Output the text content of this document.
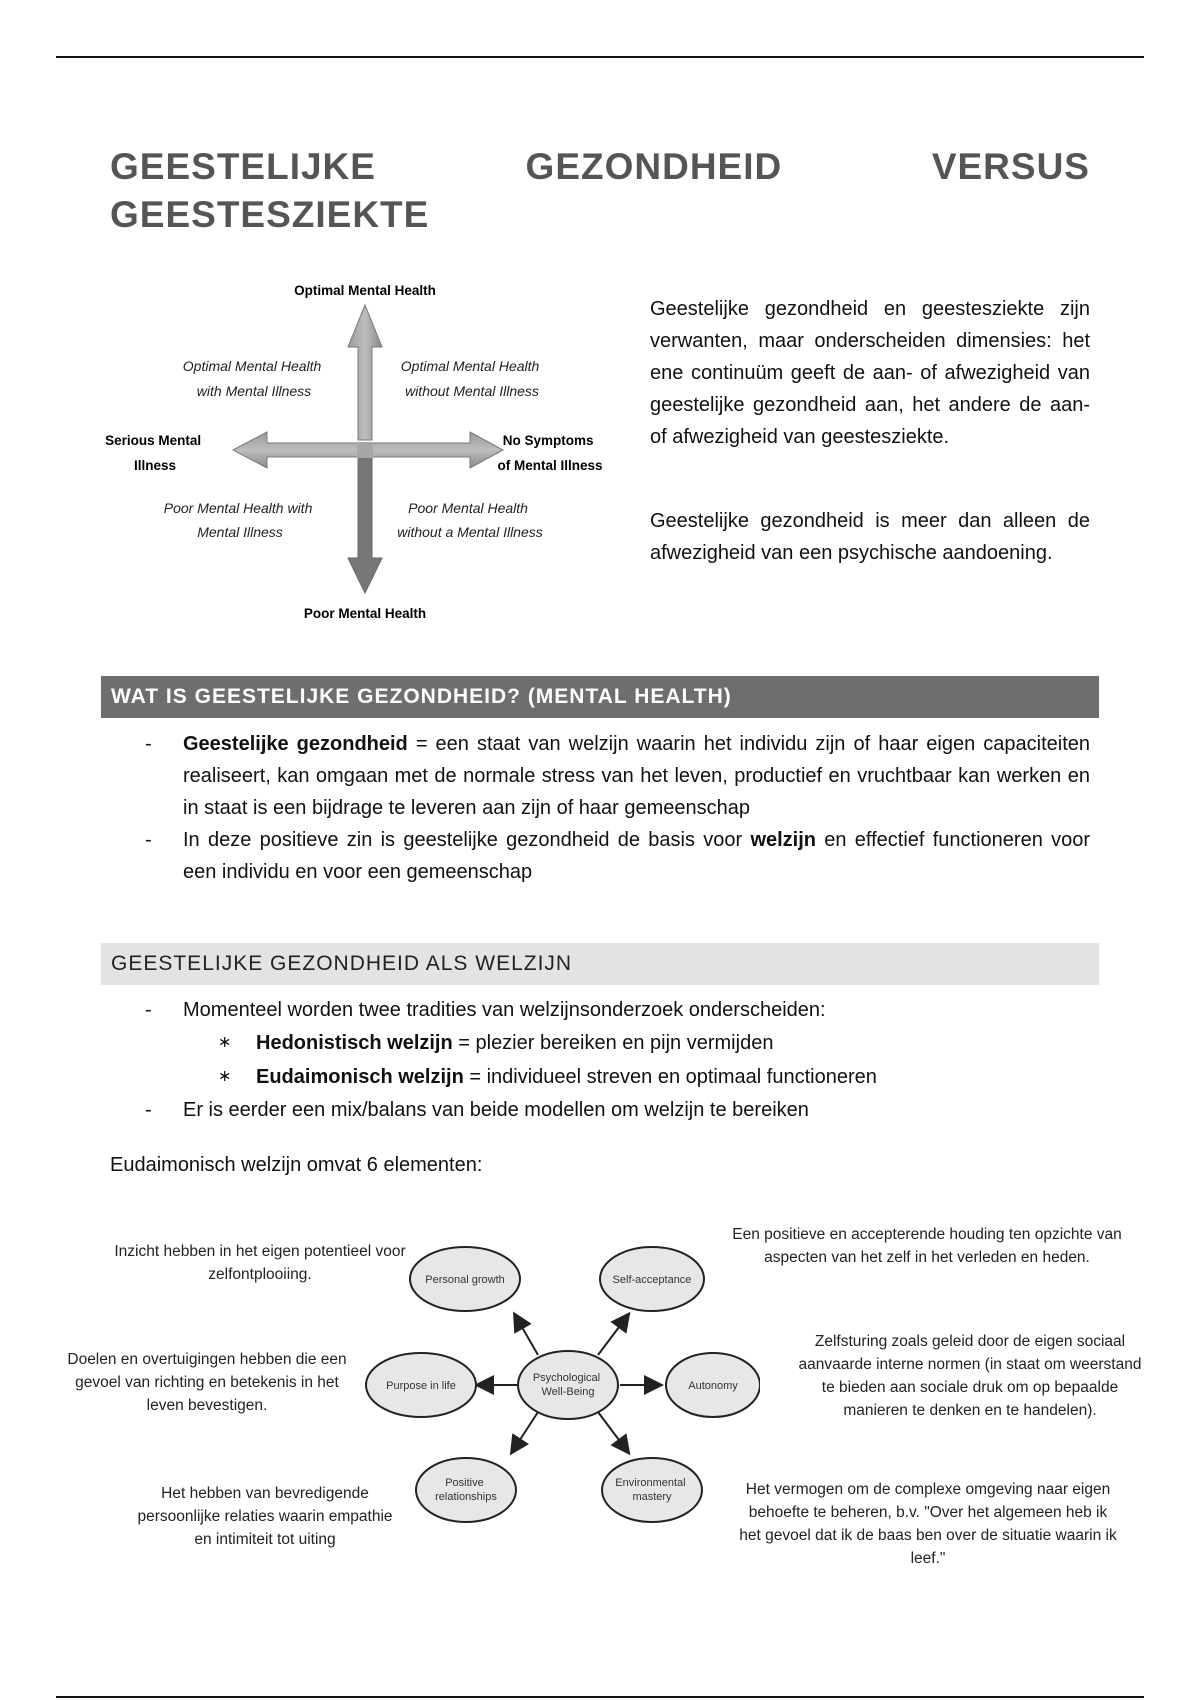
GEESTELIJKE	GEZONDHEID	VERSUS
GEESTESZIEKTE
Optimal Mental Health
Poor Mental Health
Serious Mental Illness
No Symptoms of Mental Illness
Optimal Mental Health with Mental Illness
Optimal Mental Health without Mental Illness
Poor Mental Health with Mental Illness
Poor Mental Health without a Mental Illness

Geestelijke gezondheid en geestesziekte zijn verwanten, maar onderscheiden dimensies: het ene continuüm geeft de aan- of afwezigheid van geestelijke gezondheid aan, het andere de aan- of afwezigheid van geestesziekte.

Geestelijke gezondheid is meer dan alleen de afwezigheid van een psychische aandoening.

WAT IS GEESTELIJKE GEZONDHEID? (MENTAL HEALTH)
- Geestelijke gezondheid = een staat van welzijn waarin het individu zijn of haar eigen capaciteiten realiseert, kan omgaan met de normale stress van het leven, productief en vruchtbaar kan werken en in staat is een bijdrage te leveren aan zijn of haar gemeenschap
- In deze positieve zin is geestelijke gezondheid de basis voor welzijn en effectief functioneren voor een individu en voor een gemeenschap
GEESTELIJKE GEZONDHEID ALS WELZIJN
- Momenteel worden twee tradities van welzijnsonderzoek onderscheiden:
∗ Hedonistisch welzijn = plezier bereiken en pijn vermijden
∗ Eudaimonisch welzijn = individueel streven en optimaal functioneren
- Er is eerder een mix/balans van beide modellen om welzijn te bereiken
Eudaimonisch welzijn omvat 6 elementen:
Psychological Well-Being
Personal growth	Self-acceptance
Purpose in life	Autonomy
Positive relationships
Environmental mastery
Inzicht hebben in het eigen potentieel voor zelfontplooiing.
Een positieve en accepterende houding ten opzichte van aspecten van het zelf in het verleden en heden.
Doelen en overtuigingen hebben die een gevoel van richting en betekenis in het leven bevestigen.
Zelfsturing zoals geleid door de eigen sociaal aanvaarde interne normen (in staat om weerstand te bieden aan sociale druk om op bepaalde manieren te denken en te handelen).
Het hebben van bevredigende persoonlijke relaties waarin empathie en intimiteit tot uiting
Het vermogen om de complexe omgeving naar eigen behoefte te beheren, b.v. "Over het algemeen heb ik het gevoel dat ik de baas ben over de situatie waarin ik leef."
